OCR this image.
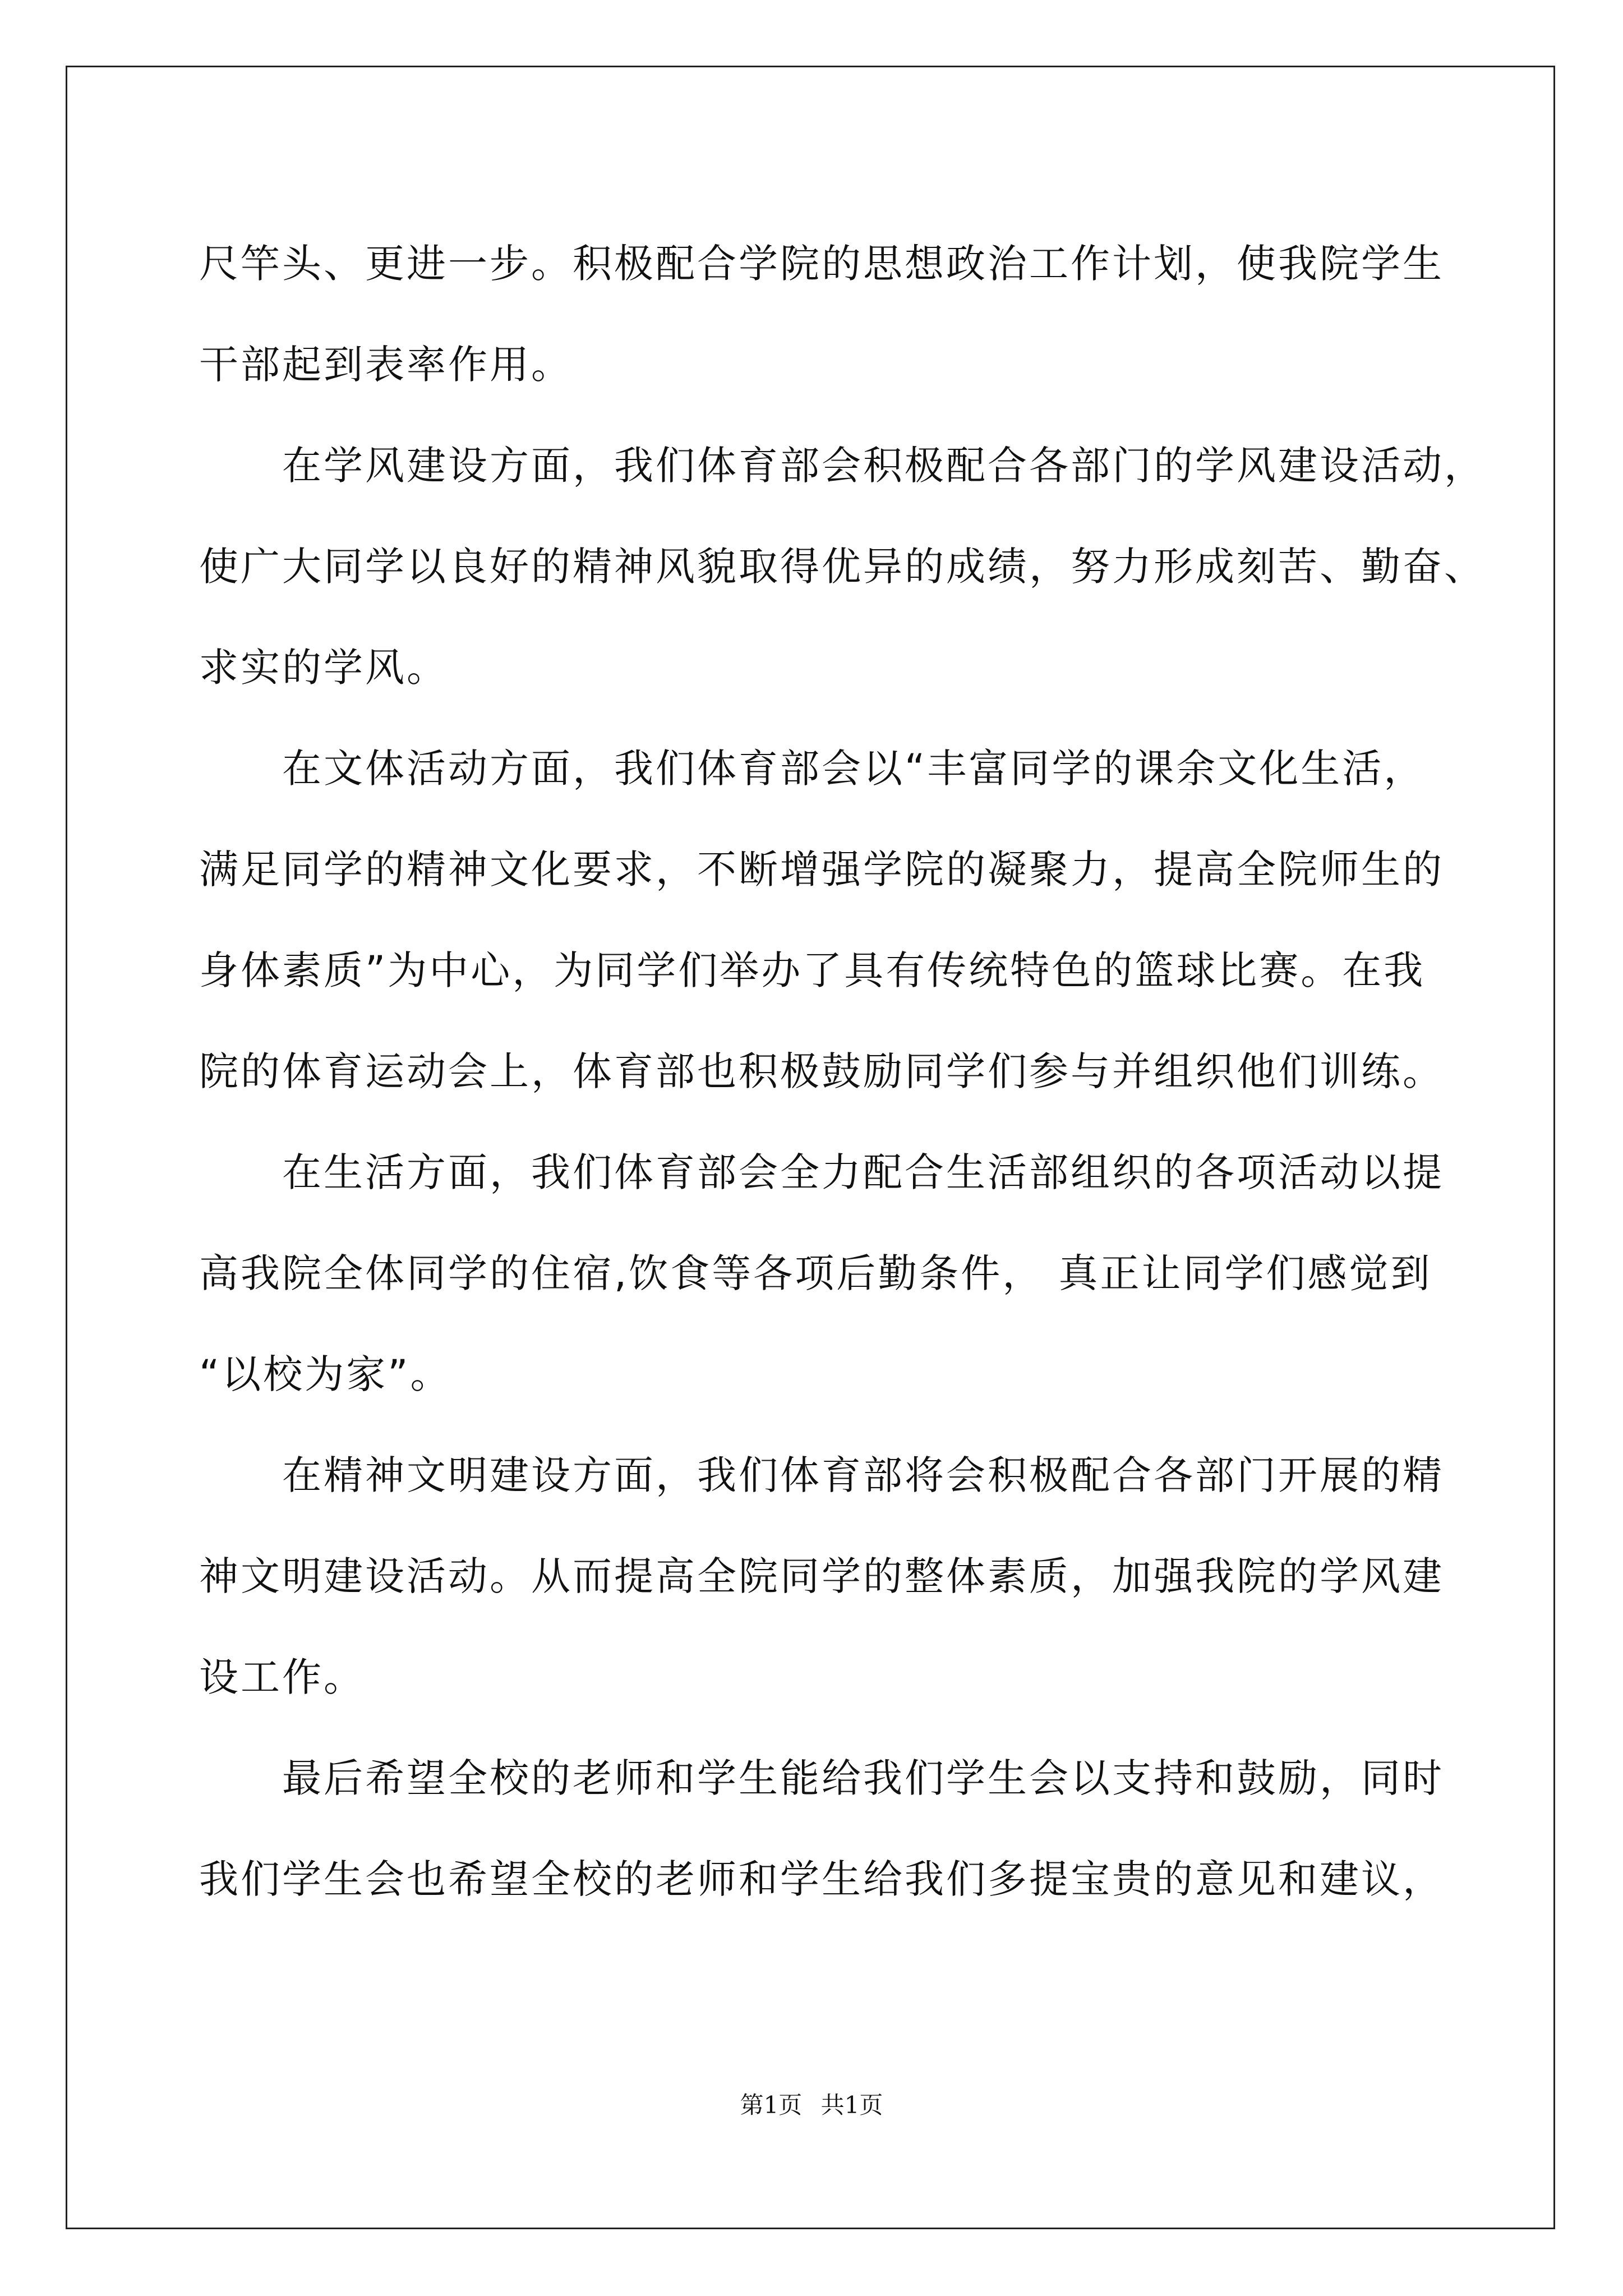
尺竿头、更进一步。积极配合学院的思想政治工作计划，使我院学生
干部起到表率作用。
在学风建设方面，我们体育部会积极配合各部门的学风建设活动，
使广大同学以良好的精神风貌取得优异的成绩，努力形成刻苦、勤奋、
求实的学风。
在文体活动方面，我们体育部会以“丰富同学的课余文化生活，
满足同学的精神文化要求，不断增强学院的凝聚力，提高全院师生的
身体素质”为中心，为同学们举办了具有传统特色的篮球比赛。在我
院的体育运动会上，体育部也积极鼓励同学们参与并组织他们训练。
在生活方面，我们体育部会全力配合生活部组织的各项活动以提
高我院全体同学的住宿,饮食等各项后勤条件， 真正让同学们感觉到
“以校为家”。
在精神文明建设方面，我们体育部将会积极配合各部门开展的精
神文明建设活动。从而提高全院同学的整体素质，加强我院的学风建
设工作。
最后希望全校的老师和学生能给我们学生会以支持和鼓励，同时
我们学生会也希望全校的老师和学生给我们多提宝贵的意见和建议，
第1页 共1页
